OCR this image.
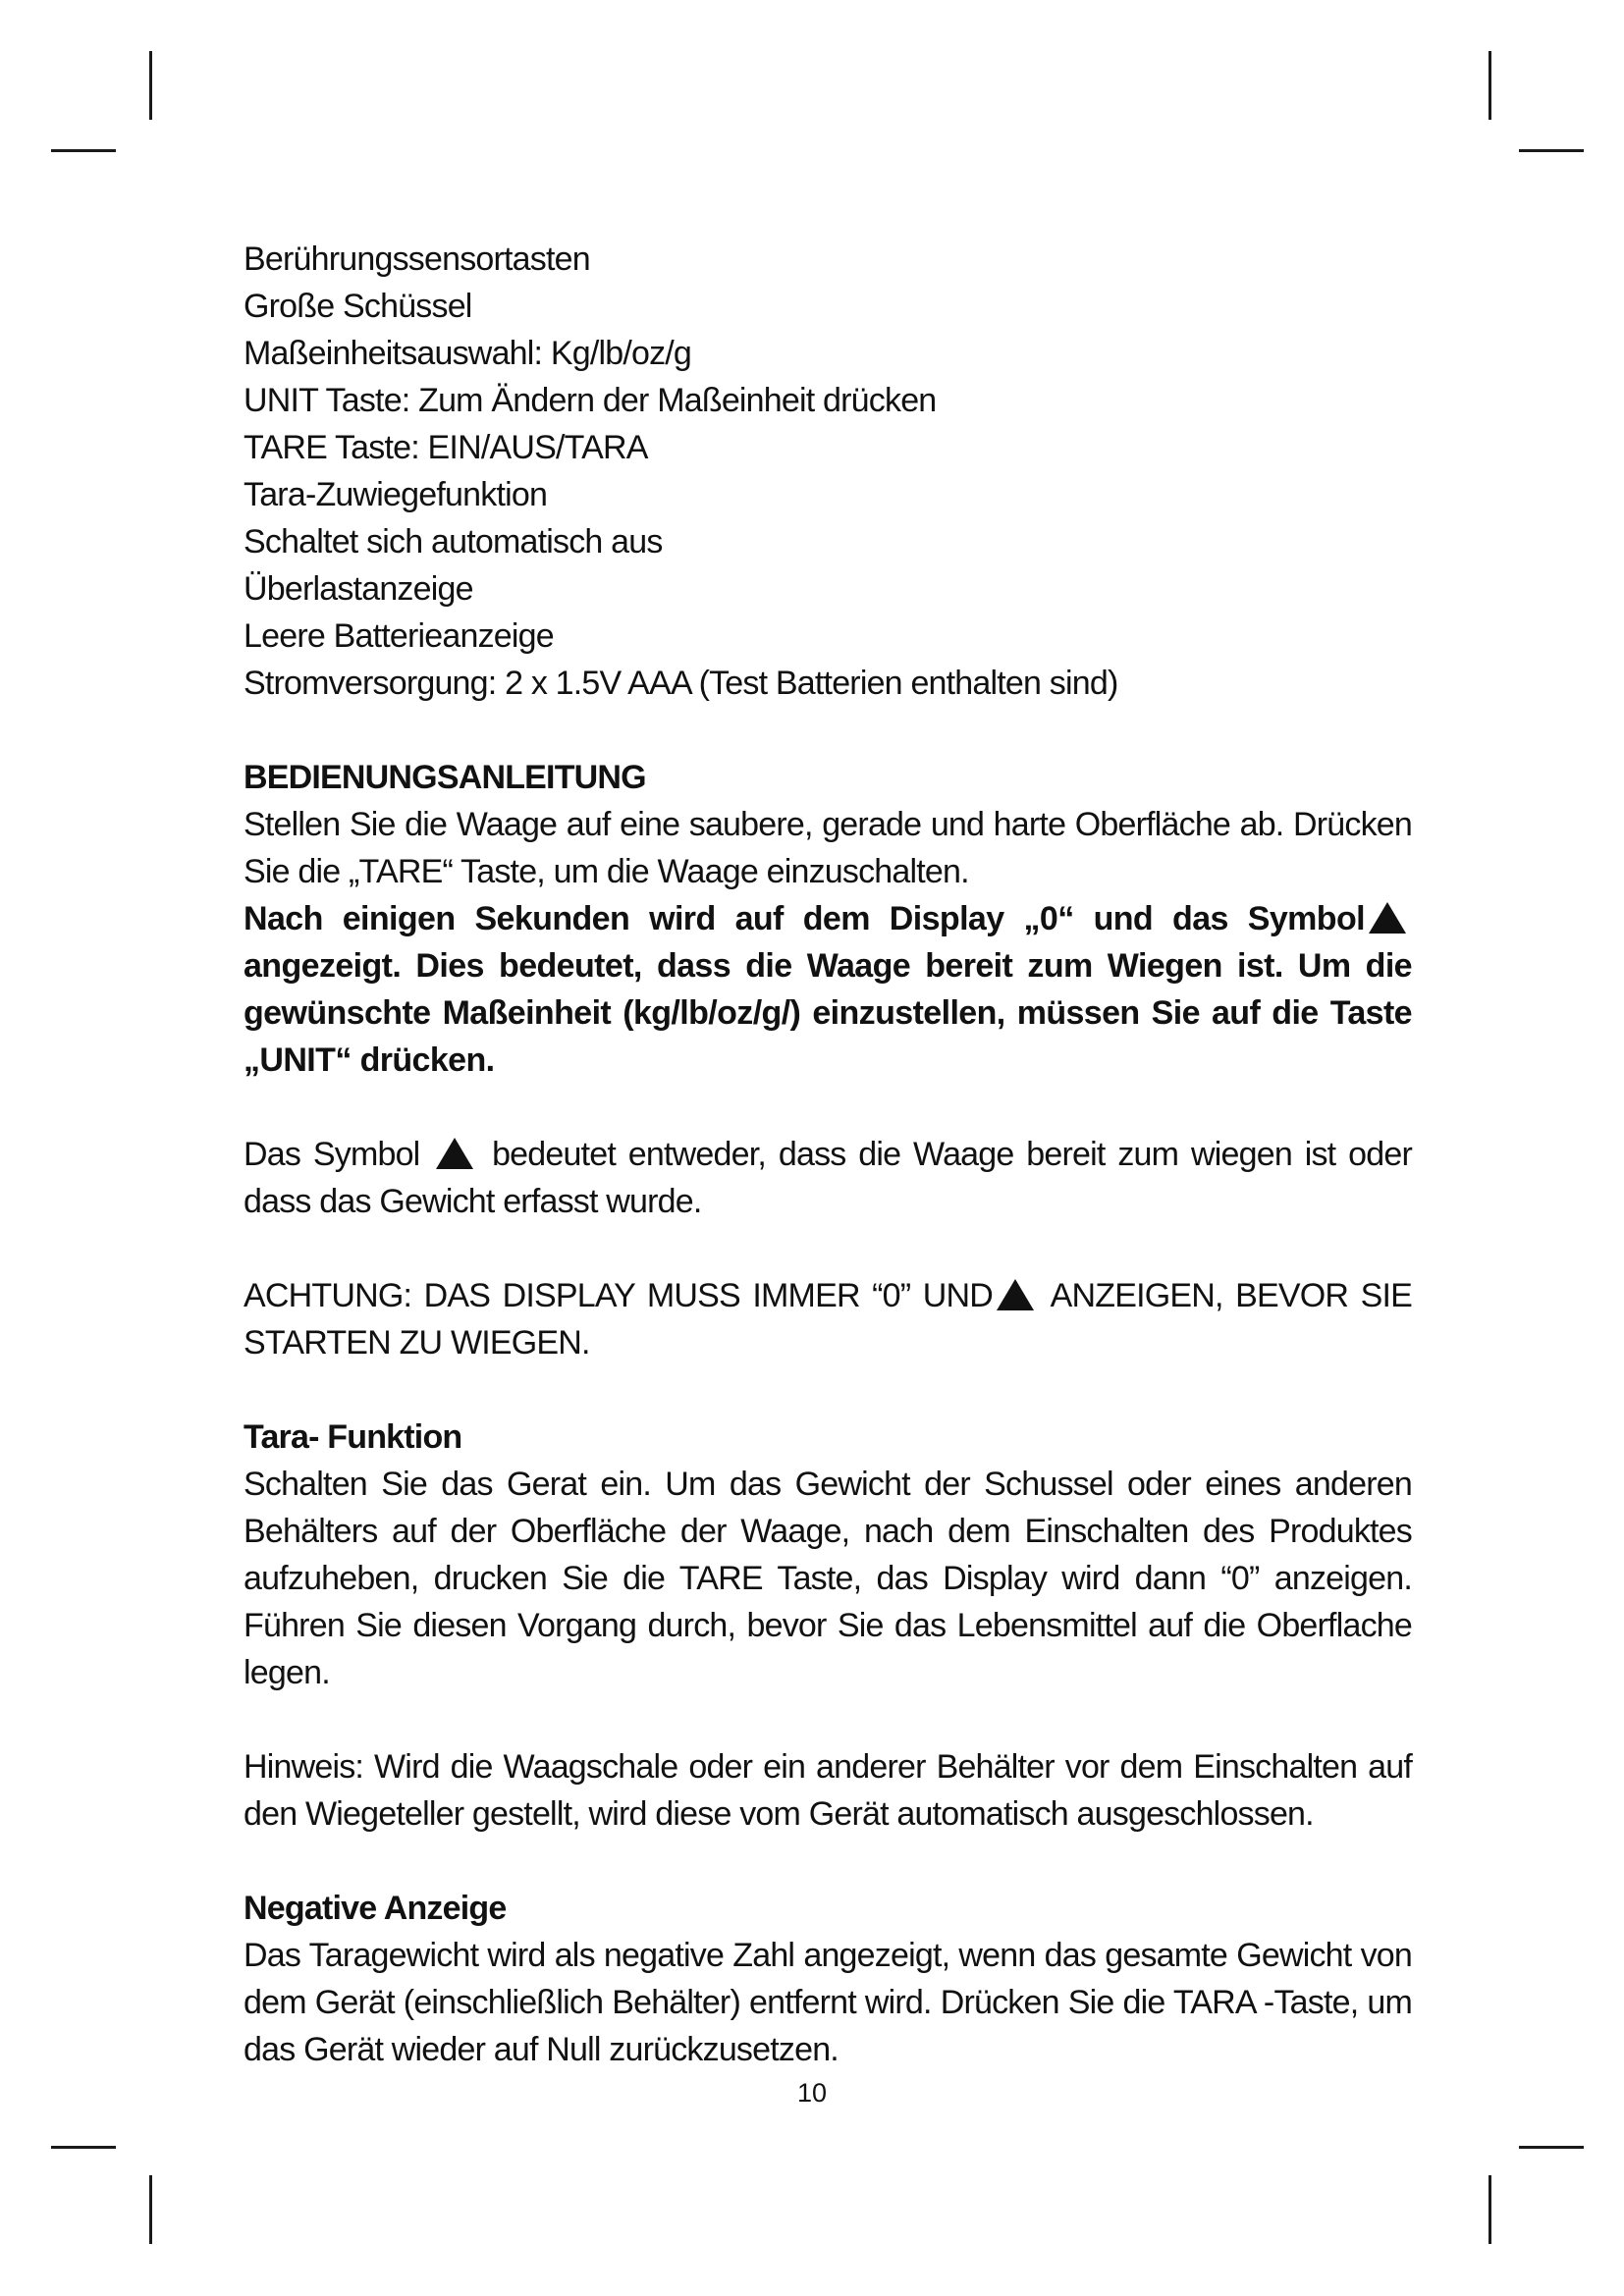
Berührungssensortasten

Große Schüssel

Maßeinheitsauswahl: Kg/lb/oz/g

UNIT Taste: Zum Ändern der Maßeinheit drücken

TARE Taste: EIN/AUS/TARA

Tara-Zuwiegefunktion

Schaltet sich automatisch aus

Überlastanzeige

Leere Batterieanzeige

Stromversorgung: 2 x 1.5V AAA (Test Batterien enthalten sind)

BEDIENUNGSANLEITUNG

Stellen Sie die Waage auf eine saubere, gerade und harte Oberfläche ab. Drücken Sie die „TARE“ Taste, um die Waage einzuschalten.

Nach einigen Sekunden wird auf dem Display „0“ und das Symbolangezeigt. Dies bedeutet, dass die Waage bereit zum Wiegen ist. Um die gewünschte Maßeinheit (kg/lb/oz/g/) einzustellen, müssen Sie auf die Taste „UNIT“ drücken.

Das Symbol bedeutet entweder, dass die Waage bereit zum wiegen ist oder dass das Gewicht erfasst wurde.

ACHTUNG: DAS DISPLAY MUSS IMMER “0” UND ANZEIGEN, BEVOR SIE STARTEN ZU WIEGEN.

Tara- Funktion

Schalten Sie das Gerat ein. Um das Gewicht der Schussel oder eines anderen Behälters auf der Oberfläche der Waage, nach dem Einschalten des Produktes aufzuheben, drucken Sie die TARE Taste, das Display wird dann “0” anzeigen. Führen Sie diesen Vorgang durch, bevor Sie das Lebensmittel auf die Oberflache legen.

Hinweis: Wird die Waagschale oder ein anderer Behälter vor dem Einschalten auf den Wiegeteller gestellt, wird diese vom Gerät automatisch ausgeschlossen.

Negative Anzeige

Das Taragewicht wird als negative Zahl angezeigt, wenn das gesamte Gewicht von dem Gerät (einschließlich Behälter) entfernt wird. Drücken Sie die TARA -Taste, um das Gerät wieder auf Null zurückzusetzen.

10
